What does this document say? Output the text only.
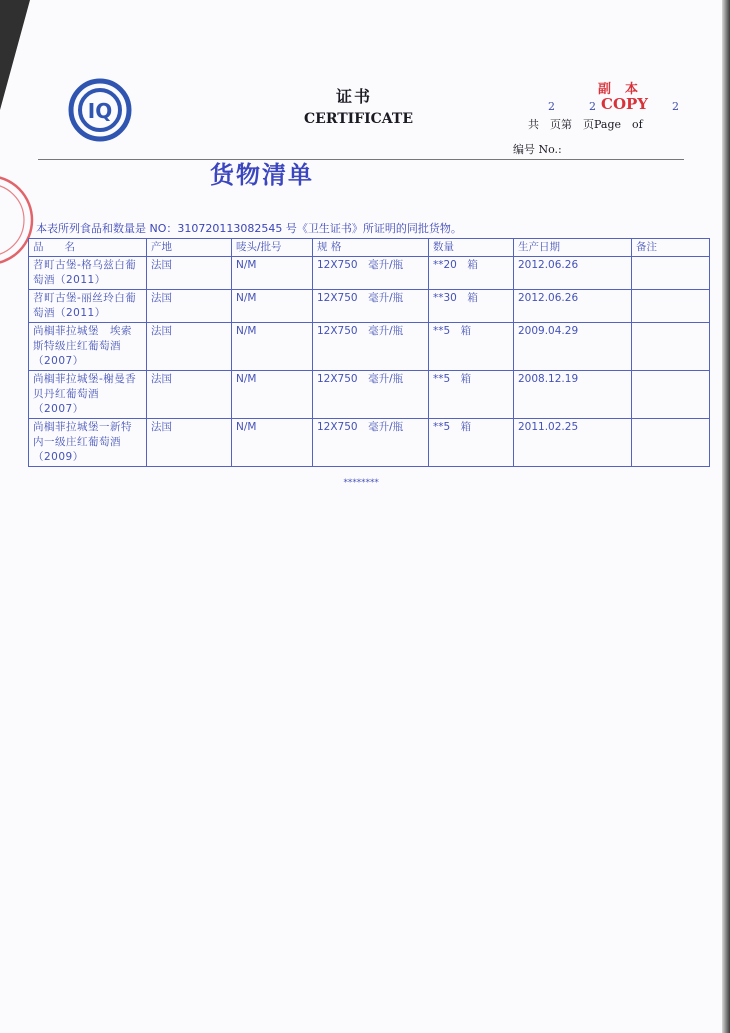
IQ
证书
CERTIFICATE
副本
COPY
2	2	2
共　页第　页Page　of
编号 No.:
货物清单
本表所列食品和数量是 NO：310720113082545 号《卫生证书》所证明的同批货物。
品　　名	产地	唛头/批号	规 格	数量	生产日期	备注
苕町古堡-格乌兹白葡萄酒（2011）	法国	N/M	12X750　毫升/瓶	**20　箱	2012.06.26	
苕町古堡-丽丝玲白葡萄酒（2011）	法国	N/M	12X750　毫升/瓶	**30　箱	2012.06.26	
尚榈菲拉城堡　埃索斯特级庄红葡萄酒（2007）	法国	N/M	12X750　毫升/瓶	**5　箱	2009.04.29	
尚榈菲拉城堡-榭曼香贝丹红葡萄酒（2007）	法国	N/M	12X750　毫升/瓶	**5　箱	2008.12.19	
尚榈菲拉城堡一新特内一级庄红葡萄酒（2009）	法国	N/M	12X750　毫升/瓶	**5　箱	2011.02.25	
********
